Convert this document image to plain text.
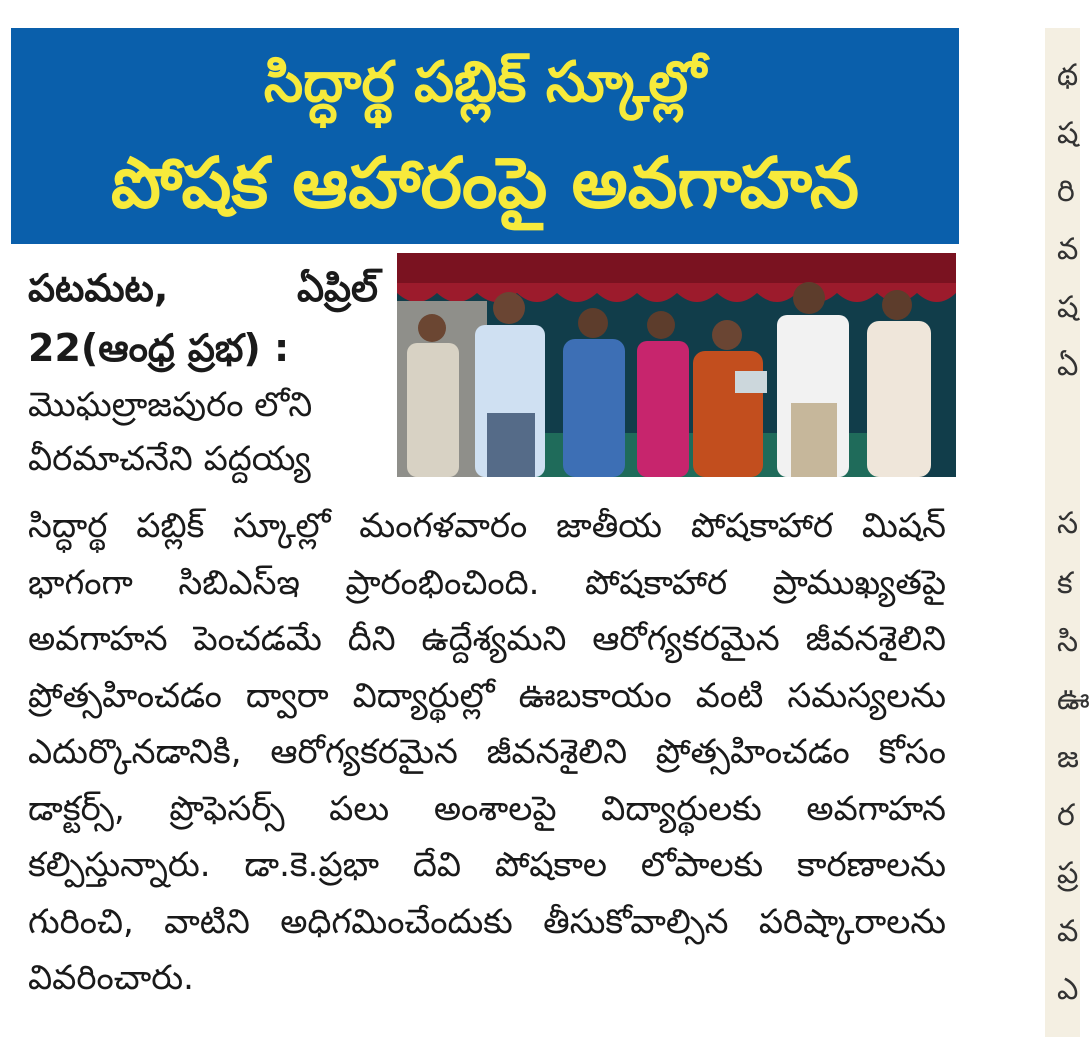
సిద్ధార్థ పబ్లిక్ స్కూల్లో
పోషక ఆహారంపై అవగాహన
పటమట, ఏప్రిల్ 22(ఆంధ్ర ప్రభ) :
మొఘల్రాజపురం లోని వీరమాచనేని పద్దయ్య
సిద్ధార్థ పబ్లిక్ స్కూల్లో మంగళవారం జాతీయ పోషకాహార మిషన్ భాగంగా సిబిఎస్ఇ ప్రారంభించింది. పోషకాహార ప్రాముఖ్యతపై అవగాహన పెంచడమే దీని ఉద్దేశ్యమని ఆరోగ్యకరమైన జీవనశైలిని ప్రోత్సహించడం ద్వారా విద్యార్థుల్లో ఊబకాయం వంటి సమస్యలను ఎదుర్కొనడానికి, ఆరోగ్యకరమైన జీవనశైలిని ప్రోత్సహించడం కోసం డాక్టర్స్, ప్రొఫెసర్స్ పలు అంశాలపై విద్యార్థులకు అవగాహన కల్పిస్తున్నారు. డా.కె.ప్రభా దేవి పోషకాల లోపాలకు కారణాలను గురించి, వాటిని అధిగమించేందుకు తీసుకోవాల్సిన పరిష్కారాలను వివరించారు.
థ
ష
రి
వ
ష
ఏ
స
క
సి
ఊ
జ
ర
ప్ర
వ
ఎ
